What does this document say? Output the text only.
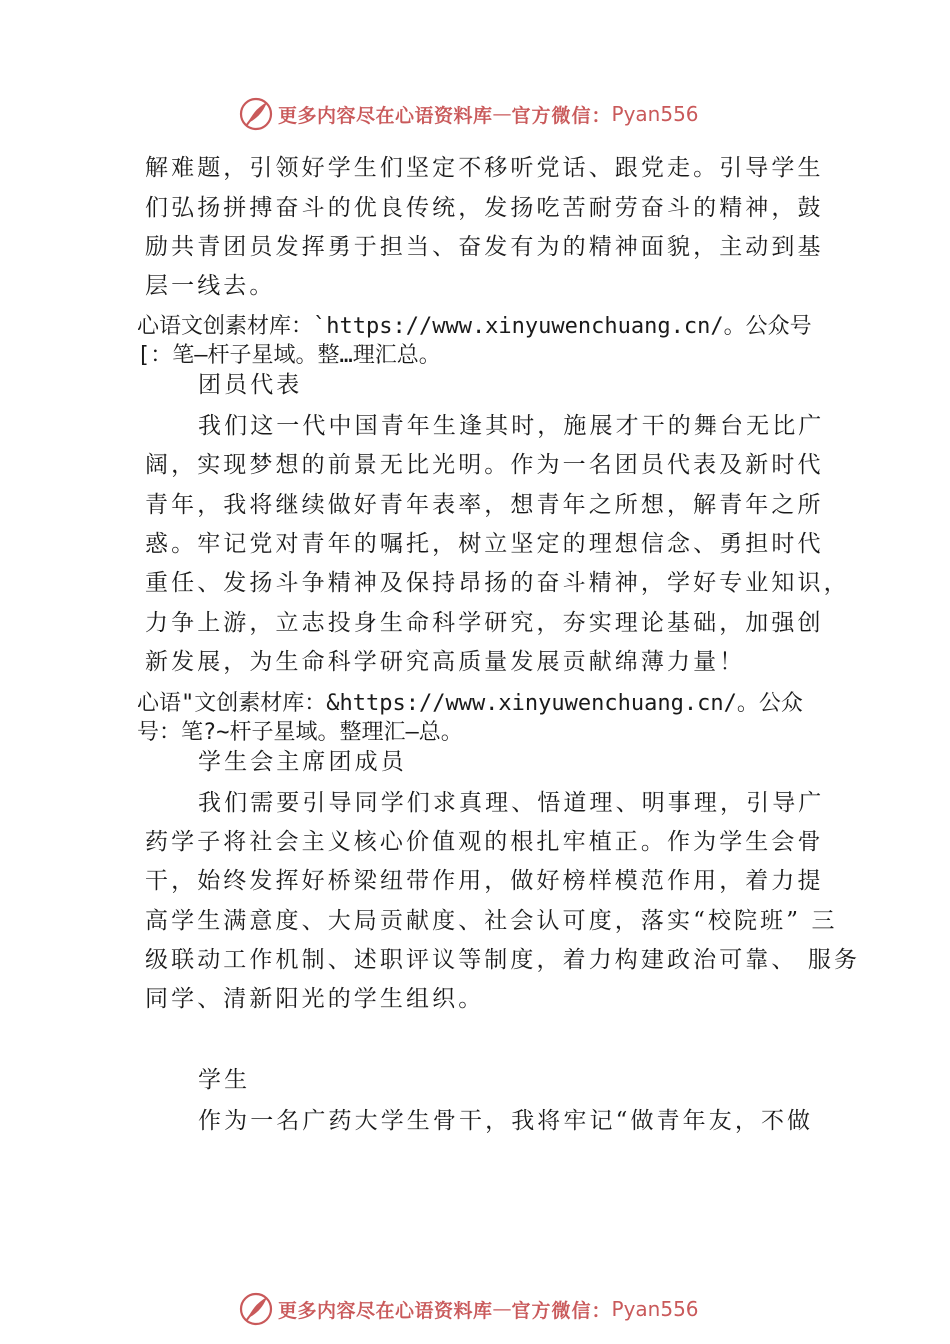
更多内容尽在心语资料库 — 官方微信： Pyan556

解难题，引领好学生们坚定不移听党话、跟党走。引导学生

们弘扬拼搏奋斗的优良传统，发扬吃苦耐劳奋斗的精神，鼓

励共青团员发挥勇于担当、奋发有为的精神面貌，主动到基

层一线去。

心语文创素材库：`https://www.xinyuwenchuang.cn/。公众号

[：笔—杆子星域。整…理汇总。

团员代表

我们这一代中国青年生逢其时，施展才干的舞台无比广

阔，实现梦想的前景无比光明。作为一名团员代表及新时代

青年，我将继续做好青年表率，想青年之所想，解青年之所

惑。牢记党对青年的嘱托，树立坚定的理想信念、勇担时代

重任、发扬斗争精神及保持昂扬的奋斗精神，学好专业知识，

力争上游，立志投身生命科学研究，夯实理论基础，加强创

新发展，为生命科学研究高质量发展贡献绵薄力量！

心语"文创素材库：&https://www.xinyuwenchuang.cn/。公众

号：笔?~杆子星域。整理汇—总。

学生会主席团成员

我们需要引导同学们求真理、悟道理、明事理，引导广

药学子将社会主义核心价值观的根扎牢植正。作为学生会骨

干，始终发挥好桥梁纽带作用，做好榜样模范作用，着力提

高学生满意度、大局贡献度、社会认可度，落实“校院班” 三

级联动工作机制、述职评议等制度，着力构建政治可靠、 服务

同学、清新阳光的学生组织。

学生

作为一名广药大学生骨干，我将牢记“做青年友，不做

更多内容尽在心语资料库 — 官方微信： Pyan556
